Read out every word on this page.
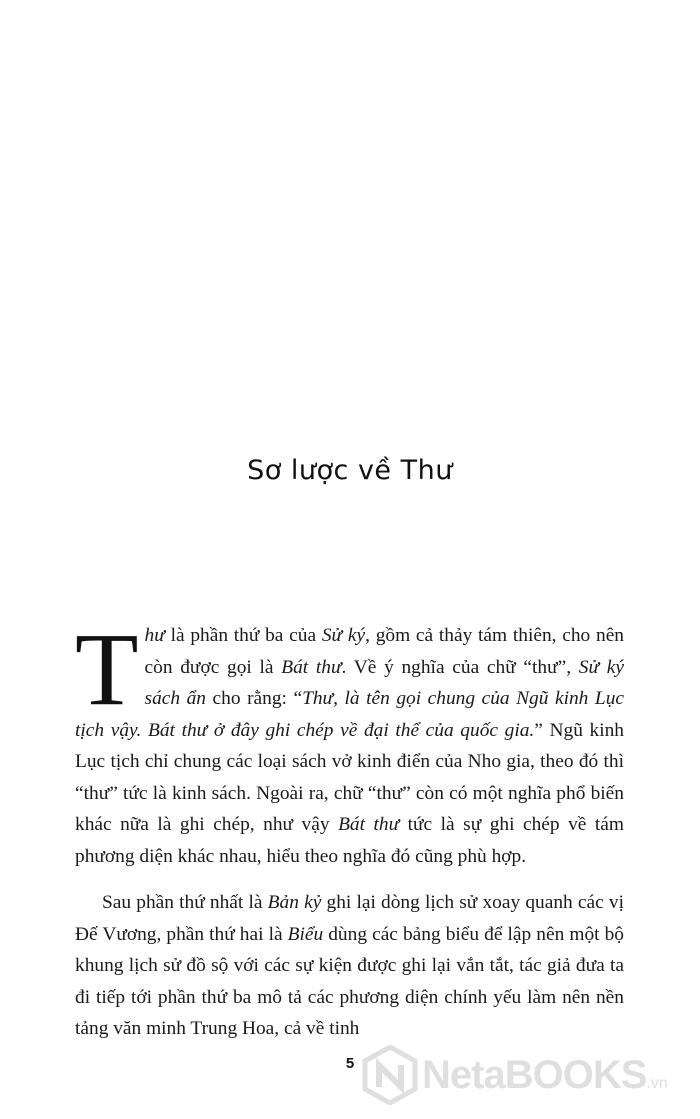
Sơ lược về Thư

T hư là phần thứ ba của Sử ký, gồm cả thảy tám thiên, cho nên còn được gọi là Bát thư. Về ý nghĩa của chữ “thư”, Sử ký sách ẩn cho rằng: “Thư, là tên gọi chung của Ngũ kinh Lục tịch vậy. Bát thư ở đây ghi chép về đại thể của quốc gia.” Ngũ kinh Lục tịch chỉ chung các loại sách vở kinh điển của Nho gia, theo đó thì “thư” tức là kinh sách. Ngoài ra, chữ “thư” còn có một nghĩa phổ biến khác nữa là ghi chép, như vậy Bát thư tức là sự ghi chép về tám phương diện khác nhau, hiểu theo nghĩa đó cũng phù hợp.

Sau phần thứ nhất là Bản kỷ ghi lại dòng lịch sử xoay quanh các vị Đế Vương, phần thứ hai là Biểu dùng các bảng biểu để lập nên một bộ khung lịch sử đồ sộ với các sự kiện được ghi lại vắn tắt, tác giả đưa ta đi tiếp tới phần thứ ba mô tả các phương diện chính yếu làm nên nền tảng văn minh Trung Hoa, cả về tinh

5	NetaBOOKS.vn
